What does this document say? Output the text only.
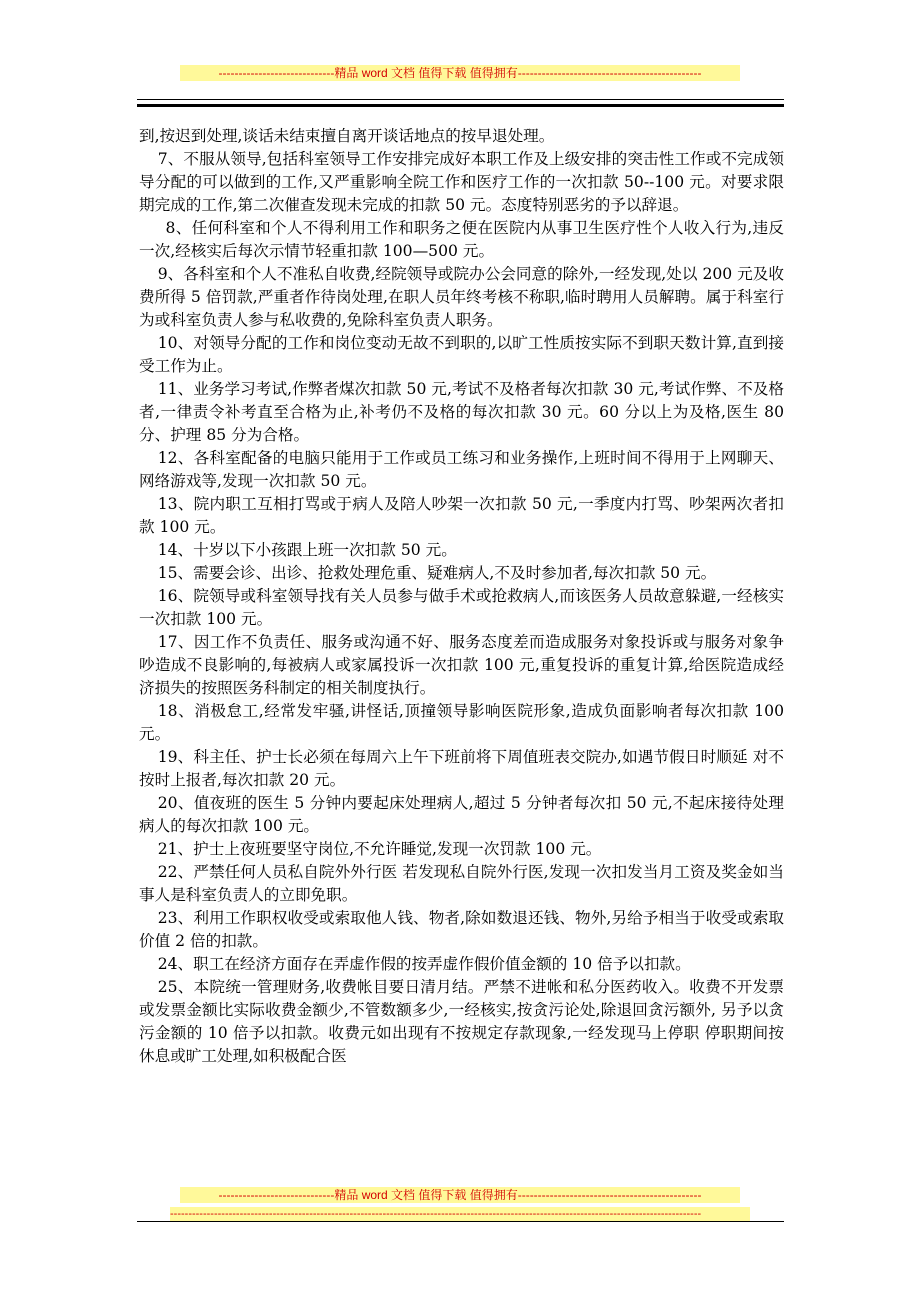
-----------------------------精品 word 文档 值得下载 值得拥有----------------------------------------------

到,按迟到处理,谈话未结束擅自离开谈话地点的按早退处理。

7、不服从领导,包括科室领导工作安排完成好本职工作及上级安排的突击性工作或不完成领导分配的可以做到的工作,又严重影响全院工作和医疗工作的一次扣款 50--100 元。对要求限期完成的工作,第二次催查发现未完成的扣款 50 元。态度特别恶劣的予以辞退。

8、任何科室和个人不得利用工作和职务之便在医院内从事卫生医疗性个人收入行为,违反一次,经核实后每次示情节轻重扣款 100—500 元。

9、各科室和个人不准私自收费,经院领导或院办公会同意的除外,一经发现,处以 200 元及收费所得 5 倍罚款,严重者作待岗处理,在职人员年终考核不称职,临时聘用人员解聘。属于科室行为或科室负责人参与私收费的,免除科室负责人职务。

10、对领导分配的工作和岗位变动无故不到职的,以旷工性质按实际不到职天数计算,直到接受工作为止。

11、业务学习考试,作弊者煤次扣款 50 元,考试不及格者每次扣款 30 元,考试作弊、不及格者,一律责令补考直至合格为止,补考仍不及格的每次扣款 30 元。60 分以上为及格,医生 80 分、护理 85 分为合格。

12、各科室配备的电脑只能用于工作或员工练习和业务操作,上班时间不得用于上网聊天、网络游戏等,发现一次扣款 50 元。

13、院内职工互相打骂或于病人及陪人吵架一次扣款 50 元,一季度内打骂、吵架两次者扣款 100 元。

14、十岁以下小孩跟上班一次扣款 50 元。

15、需要会诊、出诊、抢救处理危重、疑难病人,不及时参加者,每次扣款 50 元。

16、院领导或科室领导找有关人员参与做手术或抢救病人,而该医务人员故意躲避,一经核实一次扣款 100 元。

17、因工作不负责任、服务或沟通不好、服务态度差而造成服务对象投诉或与服务对象争吵造成不良影响的,每被病人或家属投诉一次扣款 100 元,重复投诉的重复计算,给医院造成经济损失的按照医务科制定的相关制度执行。

18、消极怠工,经常发牢骚,讲怪话,顶撞领导影响医院形象,造成负面影响者每次扣款 100 元。

19、科主任、护士长必须在每周六上午下班前将下周值班表交院办,如遇节假日时顺延 对不按时上报者,每次扣款 20 元。

20、值夜班的医生 5 分钟内要起床处理病人,超过 5 分钟者每次扣 50 元,不起床接待处理病人的每次扣款 100 元。

21、护士上夜班要坚守岗位,不允许睡觉,发现一次罚款 100 元。

22、严禁任何人员私自院外外行医 若发现私自院外行医,发现一次扣发当月工资及奖金如当事人是科室负责人的立即免职。

23、利用工作职权收受或索取他人钱、物者,除如数退还钱、物外,另给予相当于收受或索取价值 2 倍的扣款。

24、职工在经济方面存在弄虚作假的按弄虚作假价值金额的 10 倍予以扣款。

25、本院统一管理财务,收费帐目要日清月结。严禁不进帐和私分医药收入。收费不开发票或发票金额比实际收费金额少,不管数额多少,一经核实,按贪污论处,除退回贪污额外, 另予以贪污金额的 10 倍予以扣款。收费元如出现有不按规定存款现象,一经发现马上停职 停职期间按休息或旷工处理,如积极配合医

-----------------------------精品 word 文档 值得下载 值得拥有----------------------------------------------
-------------------------------------------------------------------------------------------------------------------------------------------------
